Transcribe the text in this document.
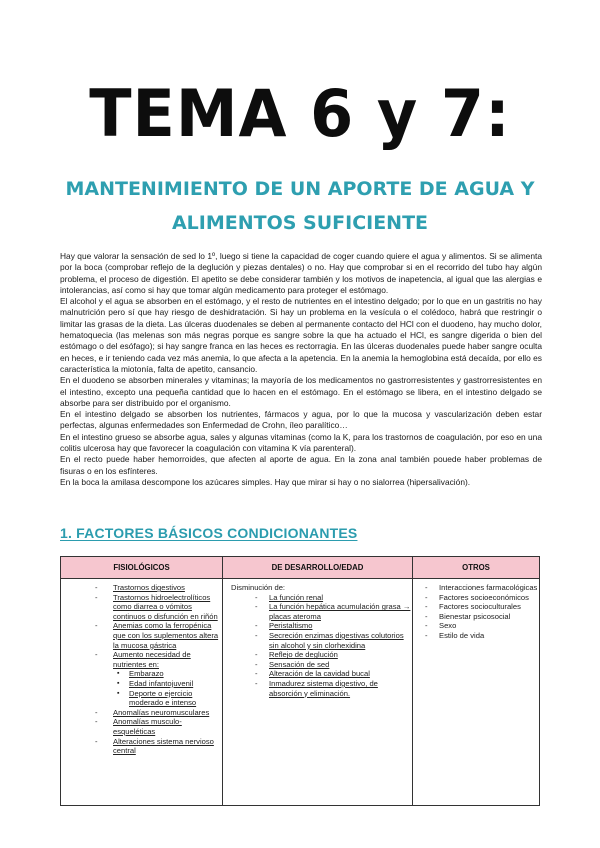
TEMA 6 y 7:
MANTENIMIENTO DE UN APORTE DE AGUA Y
ALIMENTOS SUFICIENTE

Hay que valorar la sensación de sed lo 1º, luego si tiene la capacidad de coger cuando quiere el agua y alimentos. Si se alimenta por la boca (comprobar reflejo de la deglución y piezas dentales) o no. Hay que comprobar si en el recorrido del tubo hay algún problema, el proceso de digestión. El apetito se debe considerar también y los motivos de inapetencia, al igual que las alergias e intolerancias, así como si hay que tomar algún medicamento para proteger el estómago.

El alcohol y el agua se absorben en el estómago, y el resto de nutrientes en el intestino delgado; por lo que en un gastritis no hay malnutrición pero sí que hay riesgo de deshidratación. Si hay un problema en la vesícula o el colédoco, habrá que restringir o limitar las grasas de la dieta. Las úlceras duodenales se deben al permanente contacto del HCl con el duodeno, hay mucho dolor, hematoquecia (las melenas son más negras porque es sangre sobre la que ha actuado el HCl, es sangre digerida o bien del estómago o del esófago); si hay sangre franca en las heces es rectorragia. En las úlceras duodenales puede haber sangre oculta en heces, e ir teniendo cada vez más anemia, lo que afecta a la apetencia. En la anemia la hemoglobina está decaída, por ello es característica la miotonía, falta de apetito, cansancio.

En el duodeno se absorben minerales y vitaminas; la mayoría de los medicamentos no gastrorresistentes y gastrorresistentes en el intestino, excepto una pequeña cantidad que lo hacen en el estómago. En el estómago se libera, en el intestino delgado se absorbe para ser distribuido por el organismo.

En el intestino delgado se absorben los nutrientes, fármacos y agua, por lo que la mucosa y vascularización deben estar perfectas, algunas enfermedades son Enfermedad de Crohn, íleo paralítico…

En el intestino grueso se absorbe agua, sales y algunas vitaminas (como la K, para los trastornos de coagulación, por eso en una colitis ulcerosa hay que favorecer la coagulación con vitamina K vía parenteral).

En el recto puede haber hemorroides, que afecten al aporte de agua. En la zona anal también pouede haber problemas de fisuras o en los esfínteres.

En la boca la amilasa descompone los azúcares simples. Hay que mirar si hay o no sialorrea (hipersalivación).

1. FACTORES BÁSICOS CONDICIONANTES
FISIOLÓGICOS	DE DESARROLLO/EDAD	OTROS
- Trastornos digestivos
- Trastornos hidroelectrolíticos como diarrea o vómitos continuos o disfunción en riñón
- Anemias como la ferropénica que con los suplementos altera la mucosa gástrica
- Aumento necesidad de nutrientes en:
▪ Embarazo
▪ Edad infantojuvenil
▪ Deporte o ejercicio moderado e intenso
- Anomalías neuromusculares
- Anomalías musculo-esqueléticas
- Alteraciones sistema nervioso central
Disminución de:
- La función renal
- La función hepática acumulación grasa → placas ateroma
- Peristaltismo
- Secreción enzimas digestivas colutorios sin alcohol y sin clorhexidina
- Reflejo de deglución
- Sensación de sed
- Alteración de la cavidad bucal
- Inmadurez sistema digestivo, de absorción y eliminación.
- Interacciones farmacológicas
- Factores socioeconómicos
- Factores socioculturales
- Bienestar psicosocial
- Sexo
- Estilo de vida
